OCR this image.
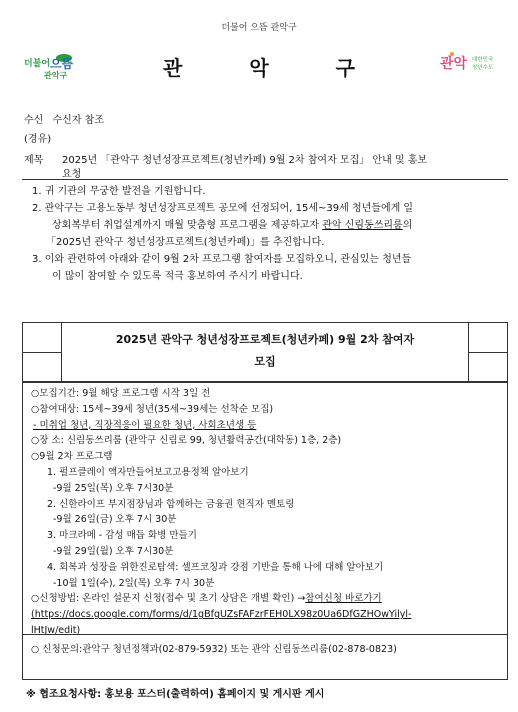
더불어 으뜸 관악구
더불어 으뜸
관악구	관 악 구	관악 대한민국
청년수도
수신 수신자 참조
(경유)
제목 2025년 「관악구 청년성장프로젝트(청년카페) 9월 2차 참여자 모집」 안내 및 홍보
요청
1. 귀 기관의 무궁한 발전을 기원합니다.
2. 관악구는 고용노동부 청년성장프로젝트 공모에 선정되어, 15세~39세 청년들에게 일
상회복부터 취업설계까지 매월 맞춤형 프로그램을 제공하고자 관악 신림동쓰리룸의
「2025년 관악구 청년성장프로젝트(청년카페)」를 추진합니다.
3. 이와 관련하여 아래와 같이 9월 2차 프로그램 참여자를 모집하오니, 관심있는 청년들
이 많이 참여할 수 있도록 적극 홍보하여 주시기 바랍니다.
2025년 관악구 청년성장프로젝트(청년카페) 9월 2차 참여자
모집
○모집기간: 9월 해당 프로그램 시작 3일 전
○참여대상: 15세~39세 청년(35세~39세는 선착순 모집)
- 미취업 청년, 직장적응이 필요한 청년, 사회초년생 등
○장 소: 신림동쓰리룸 (관악구 신림로 99, 청년활력공간(대학동) 1층, 2층)
○9월 2차 프로그램
1. 펄프클레이 액자만들어보고고용정책 알아보기
-9월 25일(목) 오후 7시30분
2. 신한라이프 부지점장님과 함께하는 금융권 현직자 멘토링
-9월 26일(금) 오후 7시 30분
3. 마크라메 - 감성 매듭 화병 만들기
-9월 29일(월) 오후 7시30분
4. 회복과 성장을 위한진로탐색: 셀프코칭과 강점 기반을 통해 나에 대해 알아보기
-10월 1일(수), 2일(목) 오후 7시 30분
○신청방법: 온라인 설문지 신청(접수 및 초기 상담은 개별 확인) →참여신청 바로가기
(https://docs.google.com/forms/d/1gBfgUZsFAFzrFEH0LX98z0Ua6DfGZHOwYilyl-
lHtJw/edit)
○ 신청문의:관악구 청년정책과(02-879-5932) 또는 관악 신림동쓰리룸(02-878-0823)
※ 협조요청사항: 홍보용 포스터(출력하여) 홈페이지 및 게시판 게시
